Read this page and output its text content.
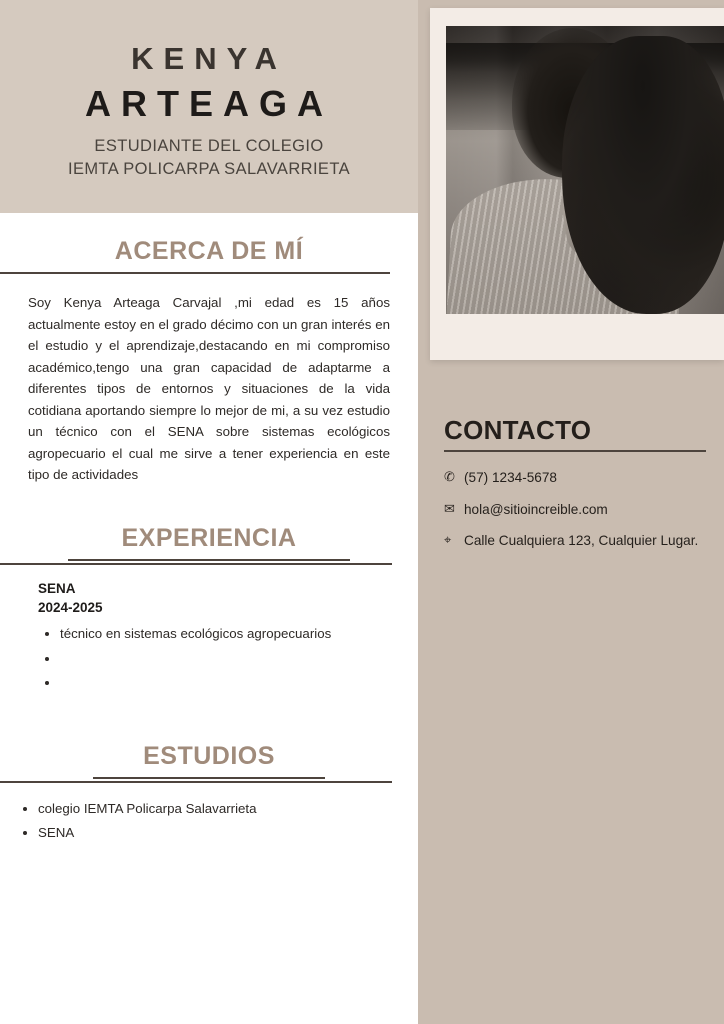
KENYA
ARTEAGA
ESTUDIANTE DEL COLEGIO
IEMTA POLICARPA SALAVARRIETA
ACERCA DE MÍ

Soy Kenya Arteaga Carvajal ,mi edad es 15 años actualmente estoy en el grado décimo con un gran interés en el estudio y el aprendizaje,destacando en mi compromiso académico,tengo una gran capacidad de adaptarme a diferentes tipos de entornos y situaciones de la vida cotidiana aportando siempre lo mejor de mi, a su vez estudio un técnico con el SENA sobre sistemas ecológicos agropecuario el cual me sirve a tener experiencia en este tipo de actividades

EXPERIENCIA
SENA
2024-2025
• técnico en sistemas ecológicos agropecuarios
•
•
ESTUDIOS
• colegio IEMTA Policarpa Salavarrieta
• SENA
CONTACTO
✆ (57) 1234-5678
✉ hola@sitioincreible.com
⌖ Calle Cualquiera 123, Cualquier Lugar.
